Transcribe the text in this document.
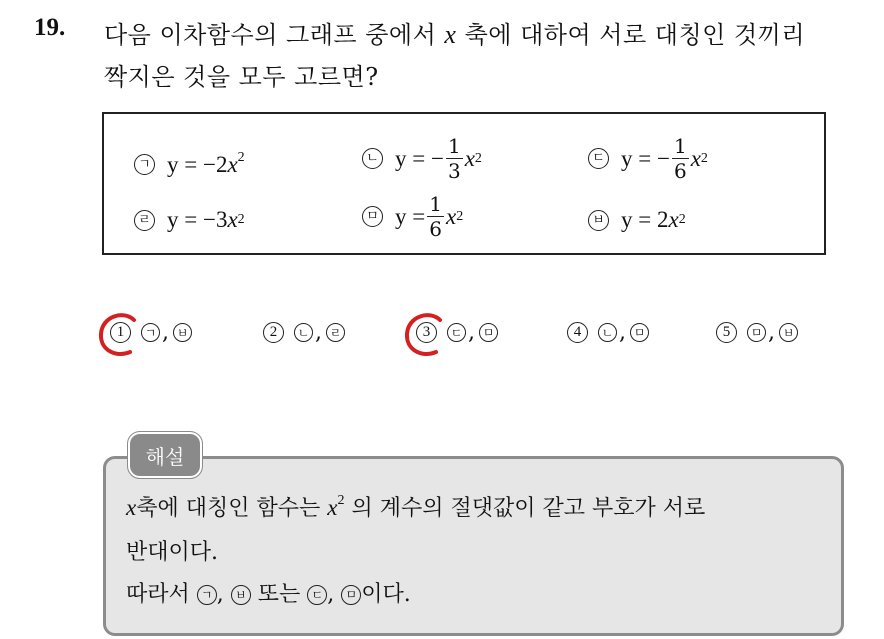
19. 다음 이차함수의 그래프 중에서 x 축에 대하여 서로 대칭인 것끼리
짝지은 것을 모두 고르면?
ㄱ $y = -2x^2$	ㄴ y = − $\frac{1}{3}$ x 2	ㄷ y = − $\frac{1}{6}$ x 2
ㄹ y = −3x 2	ㅁ $y = \frac{1}{6}$ x 2	ㅂ y = 2x 2
1	ㄱ , ㅂ	2	ㄴ , ㄹ	3	ㄷ , ㅁ	4	ㄴ , ㅁ	5	ㅁ , ㅂ
x축에 대칭인 함수는 $x^2$ 의 계수의 절댓값이 같고 부호가 서로
반대이다.
따라서 ㄱ , ㅂ 또는 ㄷ , ㅁ 이다.
해설
